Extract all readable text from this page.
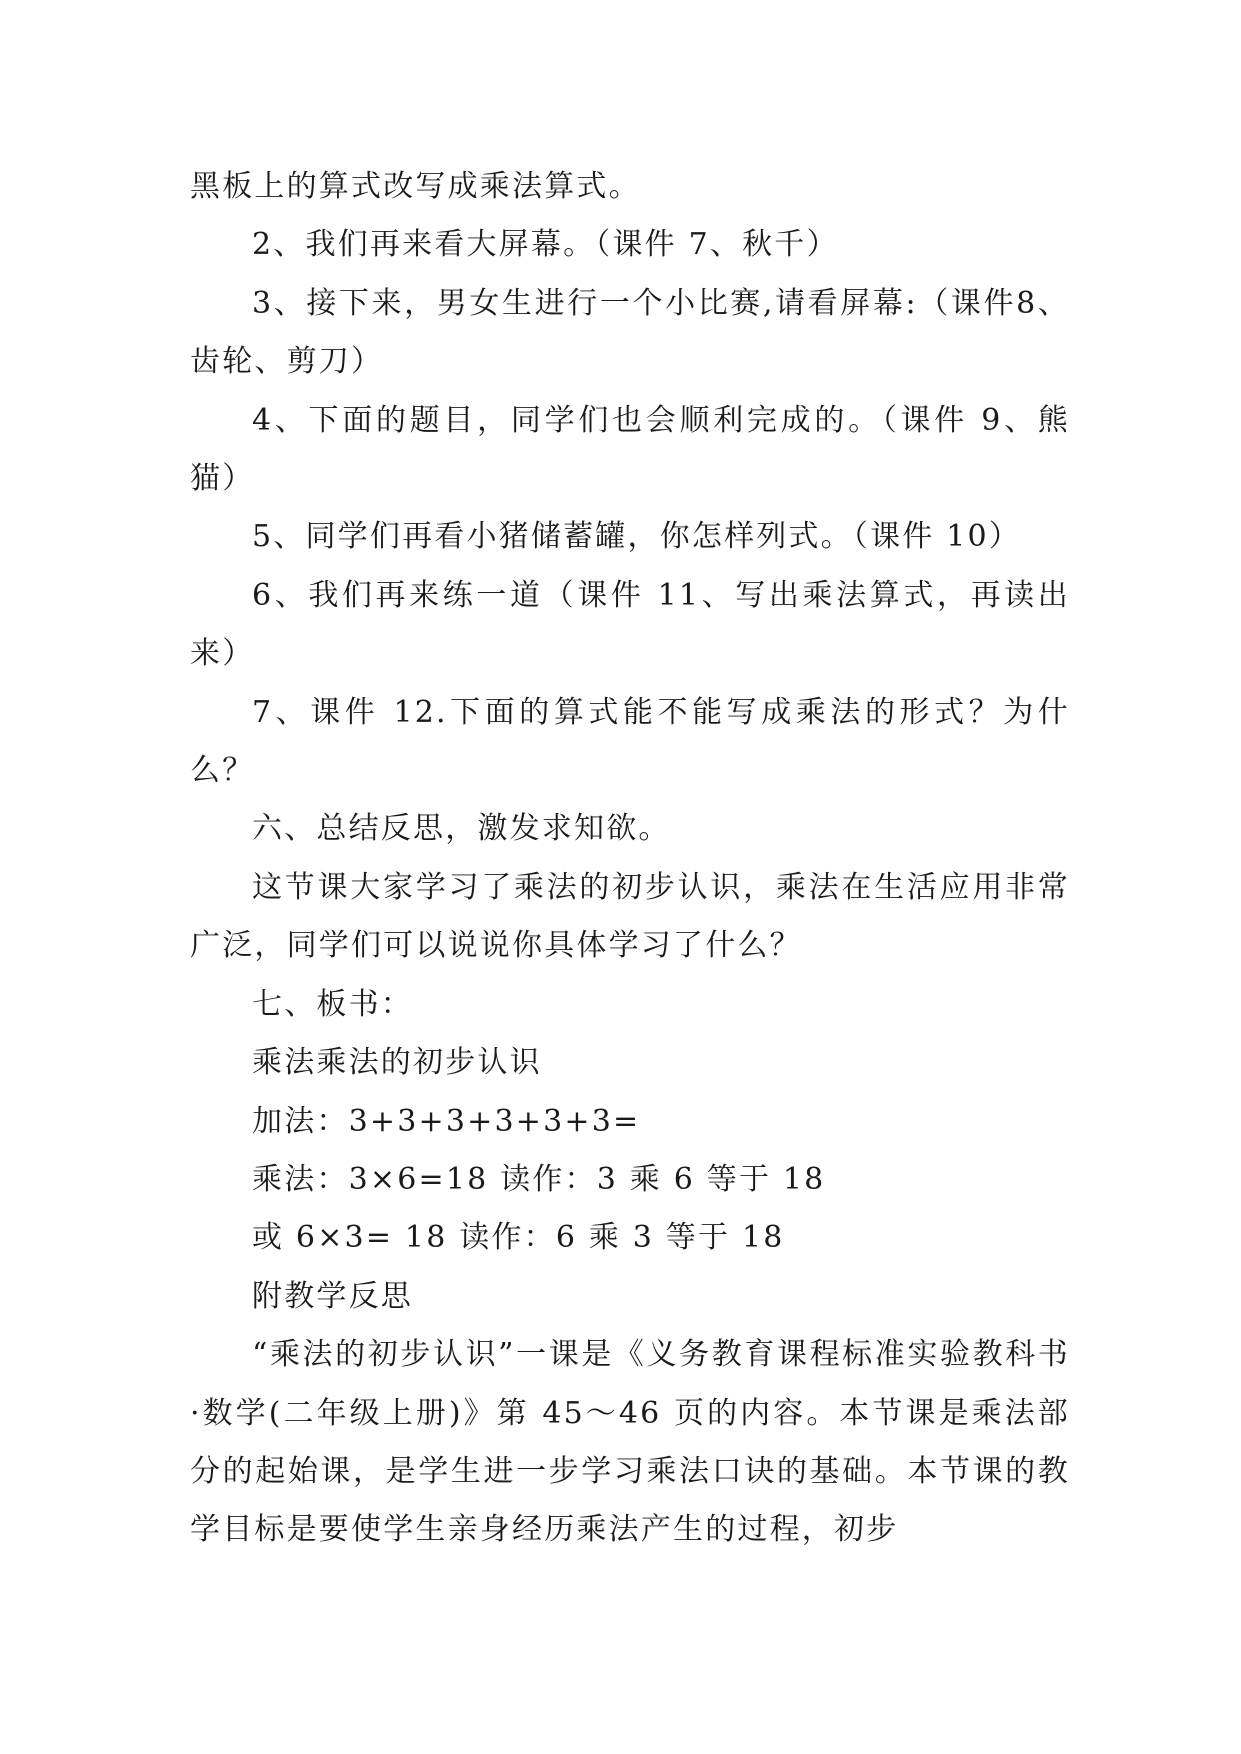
黑板上的算式改写成乘法算式。

2、我们再来看大屏幕。（课件 7、秋千）

3、接下来，男女生进行一个小比赛,请看屏幕:（课件8、齿轮、剪刀）

4、下面的题目，同学们也会顺利完成的。（课件 9、熊猫）

5、同学们再看小猪储蓄罐，你怎样列式。（课件 10）

6、我们再来练一道（课件 11、写出乘法算式，再读出来）

7、课件 12.下面的算式能不能写成乘法的形式？为什么？

六、总结反思，激发求知欲。

这节课大家学习了乘法的初步认识，乘法在生活应用非常广泛，同学们可以说说你具体学习了什么？

七、板书：

乘法乘法的初步认识

加法：3+3+3+3+3+3=

乘法：3×6=18 读作：3 乘 6 等于 18

或 6×3= 18 读作：6 乘 3 等于 18

附教学反思

“乘法的初步认识”一课是《义务教育课程标准实验教科书·数学(二年级上册)》第 45～46 页的内容。本节课是乘法部分的起始课，是学生进一步学习乘法口诀的基础。本节课的教学目标是要使学生亲身经历乘法产生的过程，初步
